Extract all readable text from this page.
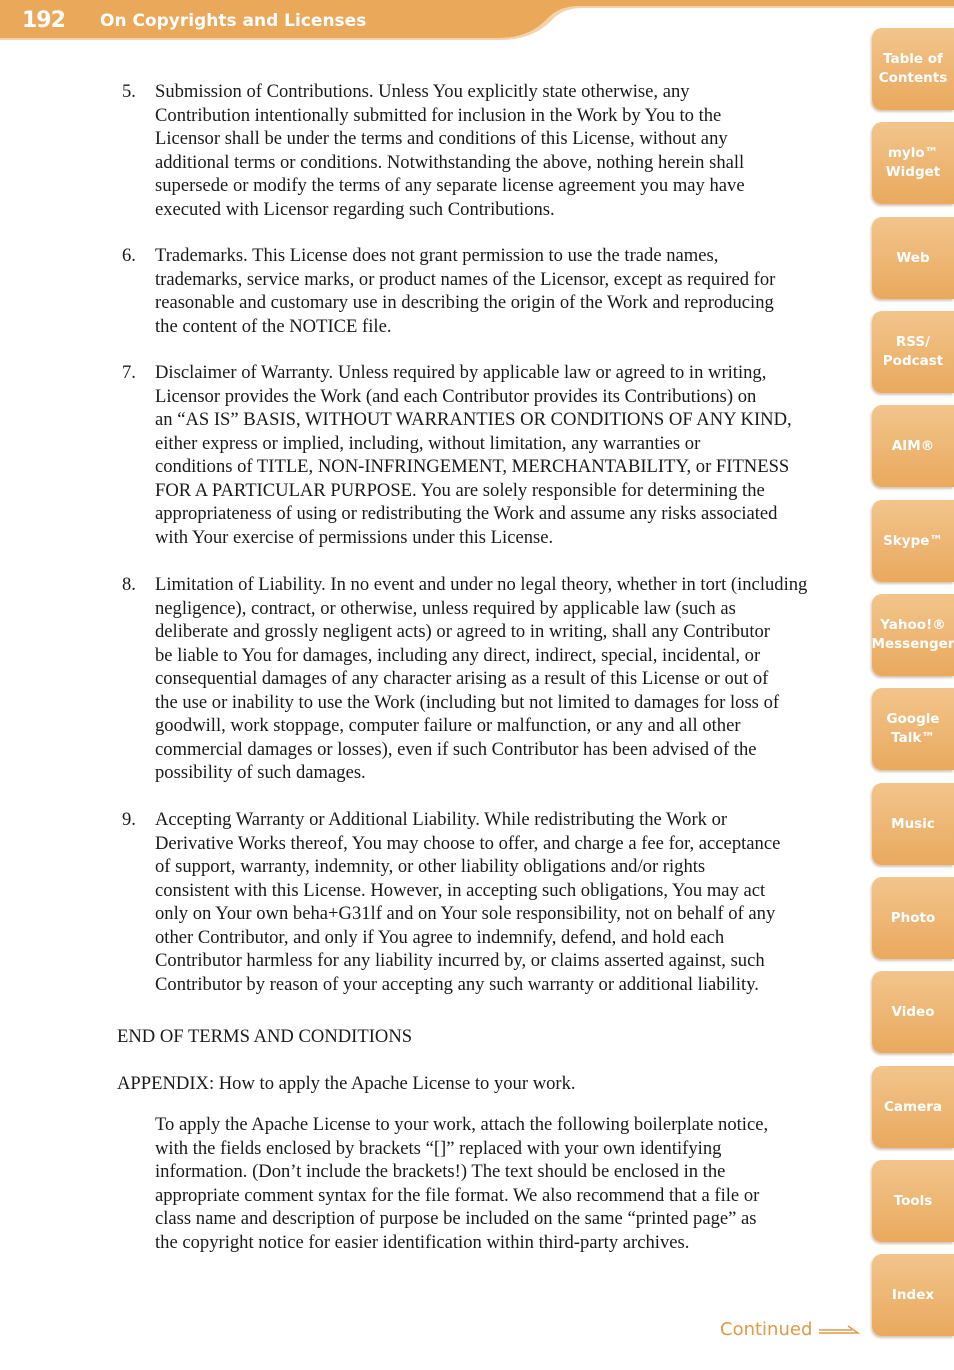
192 On Copyrights and Licenses
5. Submission of Contributions. Unless You explicitly state otherwise, any
Contribution intentionally submitted for inclusion in the Work by You to the
Licensor shall be under the terms and conditions of this License, without any
additional terms or conditions. Notwithstanding the above, nothing herein shall
supersede or modify the terms of any separate license agreement you may have
executed with Licensor regarding such Contributions.
6. Trademarks. This License does not grant permission to use the trade names,
trademarks, service marks, or product names of the Licensor, except as required for
reasonable and customary use in describing the origin of the Work and reproducing
the content of the NOTICE file.
7. Disclaimer of Warranty. Unless required by applicable law or agreed to in writing,
Licensor provides the Work (and each Contributor provides its Contributions) on
an “AS IS” BASIS, WITHOUT WARRANTIES OR CONDITIONS OF ANY KIND,
either express or implied, including, without limitation, any warranties or
conditions of TITLE, NON-INFRINGEMENT, MERCHANTABILITY, or FITNESS
FOR A PARTICULAR PURPOSE. You are solely responsible for determining the
appropriateness of using or redistributing the Work and assume any risks associated
with Your exercise of permissions under this License.
8. Limitation of Liability. In no event and under no legal theory, whether in tort (including
negligence), contract, or otherwise, unless required by applicable law (such as
deliberate and grossly negligent acts) or agreed to in writing, shall any Contributor
be liable to You for damages, including any direct, indirect, special, incidental, or
consequential damages of any character arising as a result of this License or out of
the use or inability to use the Work (including but not limited to damages for loss of
goodwill, work stoppage, computer failure or malfunction, or any and all other
commercial damages or losses), even if such Contributor has been advised of the
possibility of such damages.
9. Accepting Warranty or Additional Liability. While redistributing the Work or
Derivative Works thereof, You may choose to offer, and charge a fee for, acceptance
of support, warranty, indemnity, or other liability obligations and/or rights
consistent with this License. However, in accepting such obligations, You may act
only on Your own beha+G31lf and on Your sole responsibility, not on behalf of any
other Contributor, and only if You agree to indemnify, defend, and hold each
Contributor harmless for any liability incurred by, or claims asserted against, such
Contributor by reason of your accepting any such warranty or additional liability.
END OF TERMS AND CONDITIONS
APPENDIX: How to apply the Apache License to your work.
To apply the Apache License to your work, attach the following boilerplate notice,
with the fields enclosed by brackets “[]” replaced with your own identifying
information. (Don’t include the brackets!) The text should be enclosed in the
appropriate comment syntax for the file format. We also recommend that a file or
class name and description of purpose be included on the same “printed page” as
the copyright notice for easier identification within third-party archives.
Table of
Contents
mylo™
Widget
Web
RSS/
Podcast
AIM®
Skype™
Yahoo!®
Messenger
Google
Talk™
Music
Photo
Video
Camera
Tools
Index
Continued
